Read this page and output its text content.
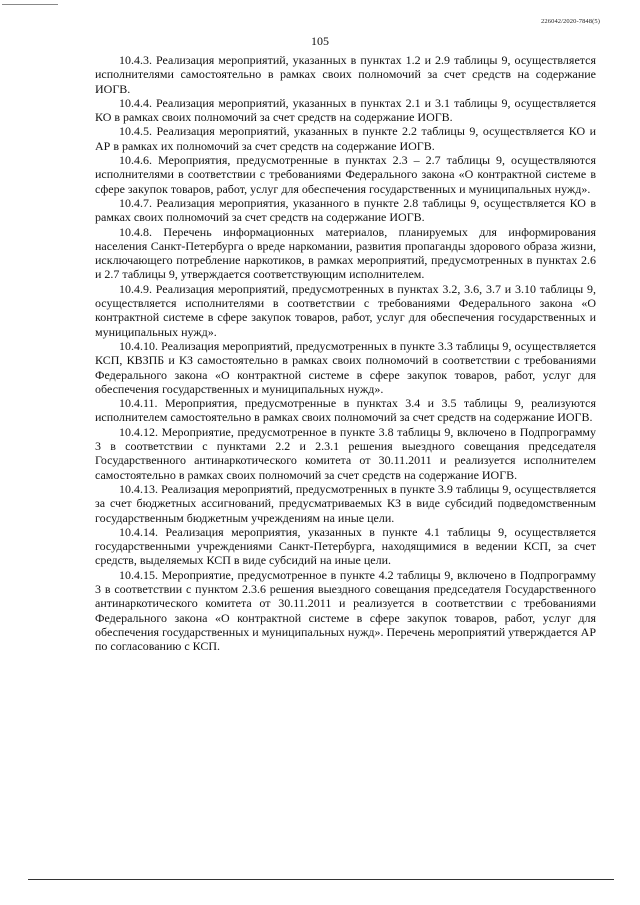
226042/2020-7848(5)
105

10.4.3. Реализация мероприятий, указанных в пунктах 1.2 и 2.9 таблицы 9, осуществляется исполнителями самостоятельно в рамках своих полномочий за счет средств на содержание ИОГВ.

10.4.4. Реализация мероприятий, указанных в пунктах 2.1 и 3.1 таблицы 9, осуществляется КО в рамках своих полномочий за счет средств на содержание ИОГВ.

10.4.5. Реализация мероприятий, указанных в пункте 2.2 таблицы 9, осуществляется КО и АР в рамках их полномочий за счет средств на содержание ИОГВ.

10.4.6. Мероприятия, предусмотренные в пунктах 2.3 – 2.7 таблицы 9, осуществляются исполнителями в соответствии с требованиями Федерального закона «О контрактной системе в сфере закупок товаров, работ, услуг для обеспечения государственных и муниципальных нужд».

10.4.7. Реализация мероприятия, указанного в пункте 2.8 таблицы 9, осуществляется КО в рамках своих полномочий за счет средств на содержание ИОГВ.

10.4.8. Перечень информационных материалов, планируемых для информирования населения Санкт-Петербурга о вреде наркомании, развития пропаганды здорового образа жизни, исключающего потребление наркотиков, в рамках мероприятий, предусмотренных в пунктах 2.6 и 2.7 таблицы 9, утверждается соответствующим исполнителем.

10.4.9. Реализация мероприятий, предусмотренных в пунктах 3.2, 3.6, 3.7 и 3.10 таблицы 9, осуществляется исполнителями в соответствии с требованиями Федерального закона «О контрактной системе в сфере закупок товаров, работ, услуг для обеспечения государственных и муниципальных нужд».

10.4.10. Реализация мероприятий, предусмотренных в пункте 3.3 таблицы 9, осуществляется КСП, КВЗПБ и КЗ самостоятельно в рамках своих полномочий в соответствии с требованиями Федерального закона «О контрактной системе в сфере закупок товаров, работ, услуг для обеспечения государственных и муниципальных нужд».

10.4.11. Мероприятия, предусмотренные в пунктах 3.4 и 3.5 таблицы 9, реализуются исполнителем самостоятельно в рамках своих полномочий за счет средств на содержание ИОГВ.

10.4.12. Мероприятие, предусмотренное в пункте 3.8 таблицы 9, включено в Подпрограмму 3 в соответствии с пунктами 2.2 и 2.3.1 решения выездного совещания председателя Государственного антинаркотического комитета от 30.11.2011 и реализуется исполнителем самостоятельно в рамках своих полномочий за счет средств на содержание ИОГВ.

10.4.13. Реализация мероприятий, предусмотренных в пункте 3.9 таблицы 9, осуществляется за счет бюджетных ассигнований, предусматриваемых КЗ в виде субсидий подведомственным государственным бюджетным учреждениям на иные цели.

10.4.14. Реализация мероприятия, указанных в пункте 4.1 таблицы 9, осуществляется государственными учреждениями Санкт-Петербурга, находящимися в ведении КСП, за счет средств, выделяемых КСП в виде субсидий на иные цели.

10.4.15. Мероприятие, предусмотренное в пункте 4.2 таблицы 9, включено в Подпрограмму 3 в соответствии с пунктом 2.3.6 решения выездного совещания председателя Государственного антинаркотического комитета от 30.11.2011 и реализуется в соответствии с требованиями Федерального закона «О контрактной системе в сфере закупок товаров, работ, услуг для обеспечения государственных и муниципальных нужд». Перечень мероприятий утверждается АР по согласованию с КСП.
